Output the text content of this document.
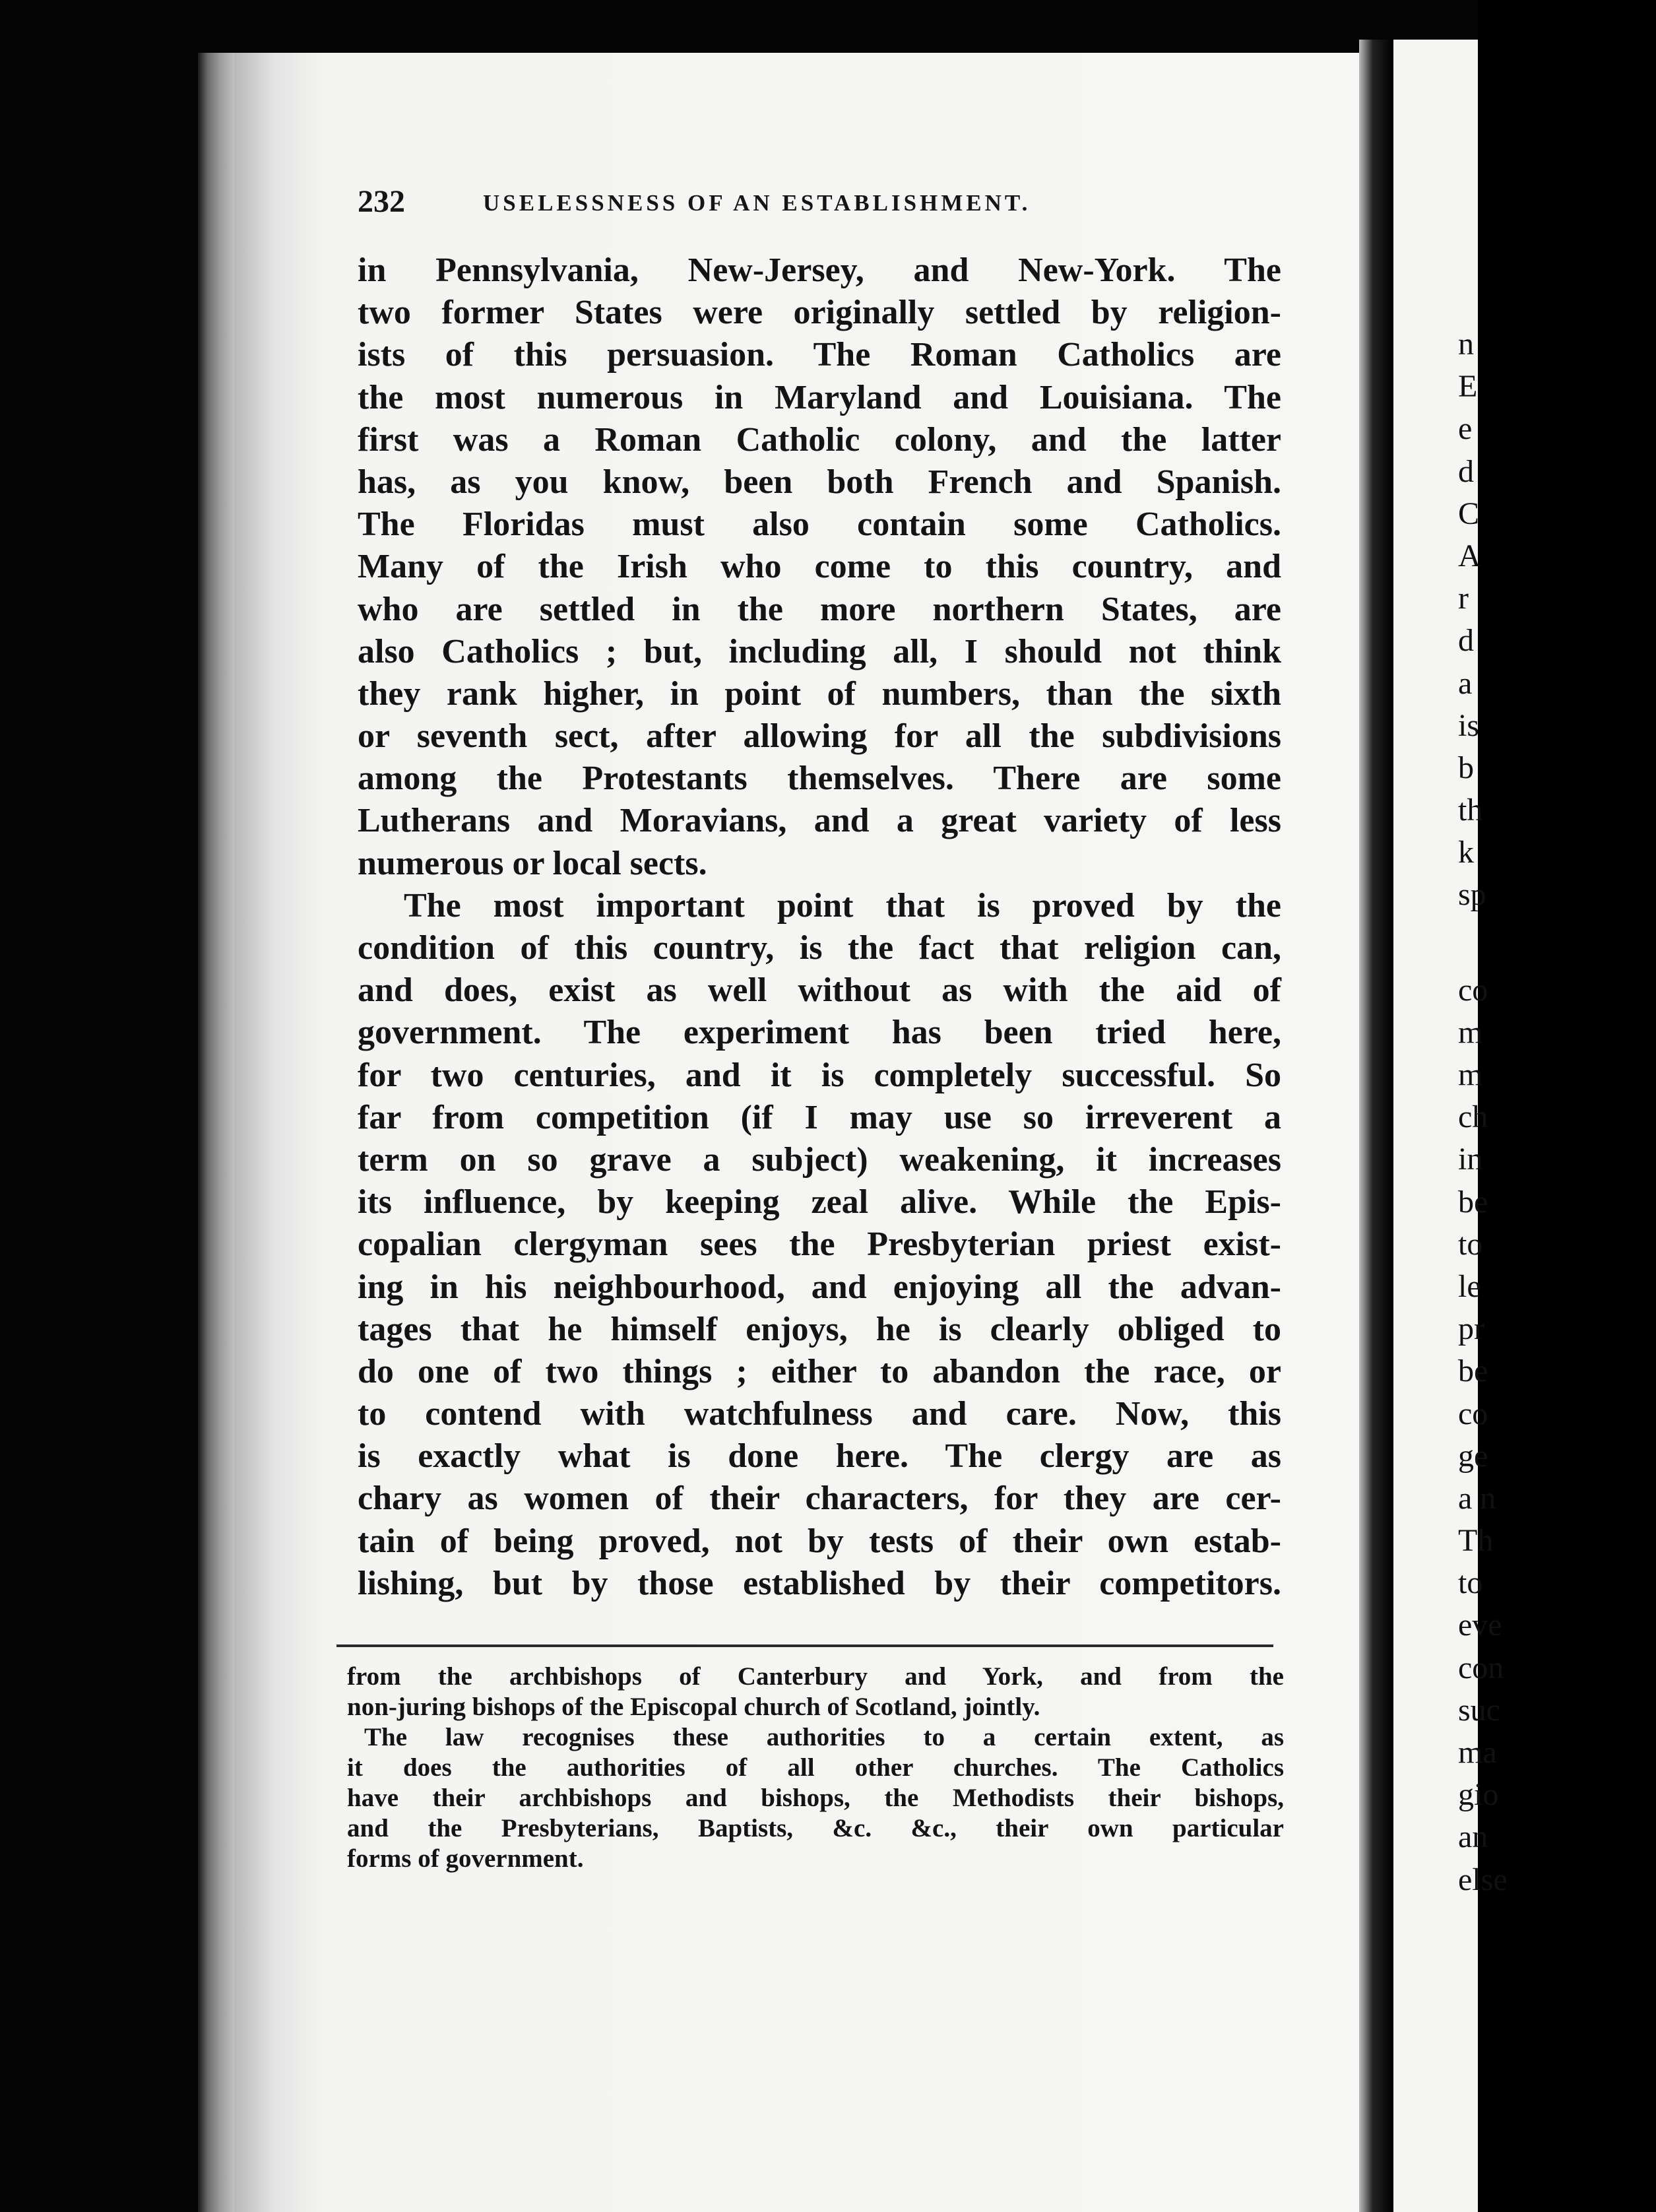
n
E
e
d
C
A
r
d
a
is
b
th
k
sp
co
m
m
ch
in
be
to
le
pr
be
co
ge
a n
Th
to
eve
con
suc
ma
gio
an
else
232	USELESSNESS OF AN ESTABLISHMENT.
in Pennsylvania, New-Jersey, and New-York. The
two former States were originally settled by religion-
ists of this persuasion. The Roman Catholics are
the most numerous in Maryland and Louisiana. The
first was a Roman Catholic colony, and the latter
has, as you know, been both French and Spanish.
The Floridas must also contain some Catholics.
Many of the Irish who come to this country, and
who are settled in the more northern States, are
also Catholics ; but, including all, I should not think
they rank higher, in point of numbers, than the sixth
or seventh sect, after allowing for all the subdivisions
among the Protestants themselves. There are some
Lutherans and Moravians, and a great variety of less
numerous or local sects.
The most important point that is proved by the
condition of this country, is the fact that religion can,
and does, exist as well without as with the aid of
government. The experiment has been tried here,
for two centuries, and it is completely successful. So
far from competition (if I may use so irreverent a
term on so grave a subject) weakening, it increases
its influence, by keeping zeal alive. While the Epis-
copalian clergyman sees the Presbyterian priest exist-
ing in his neighbourhood, and enjoying all the advan-
tages that he himself enjoys, he is clearly obliged to
do one of two things ; either to abandon the race, or
to contend with watchfulness and care. Now, this
is exactly what is done here. The clergy are as
chary as women of their characters, for they are cer-
tain of being proved, not by tests of their own estab-
lishing, but by those established by their competitors.
from the archbishops of Canterbury and York, and from the
non-juring bishops of the Episcopal church of Scotland, jointly.
The law recognises these authorities to a certain extent, as
it does the authorities of all other churches. The Catholics
have their archbishops and bishops, the Methodists their bishops,
and the Presbyterians, Baptists, &c. &c., their own particular
forms of government.
